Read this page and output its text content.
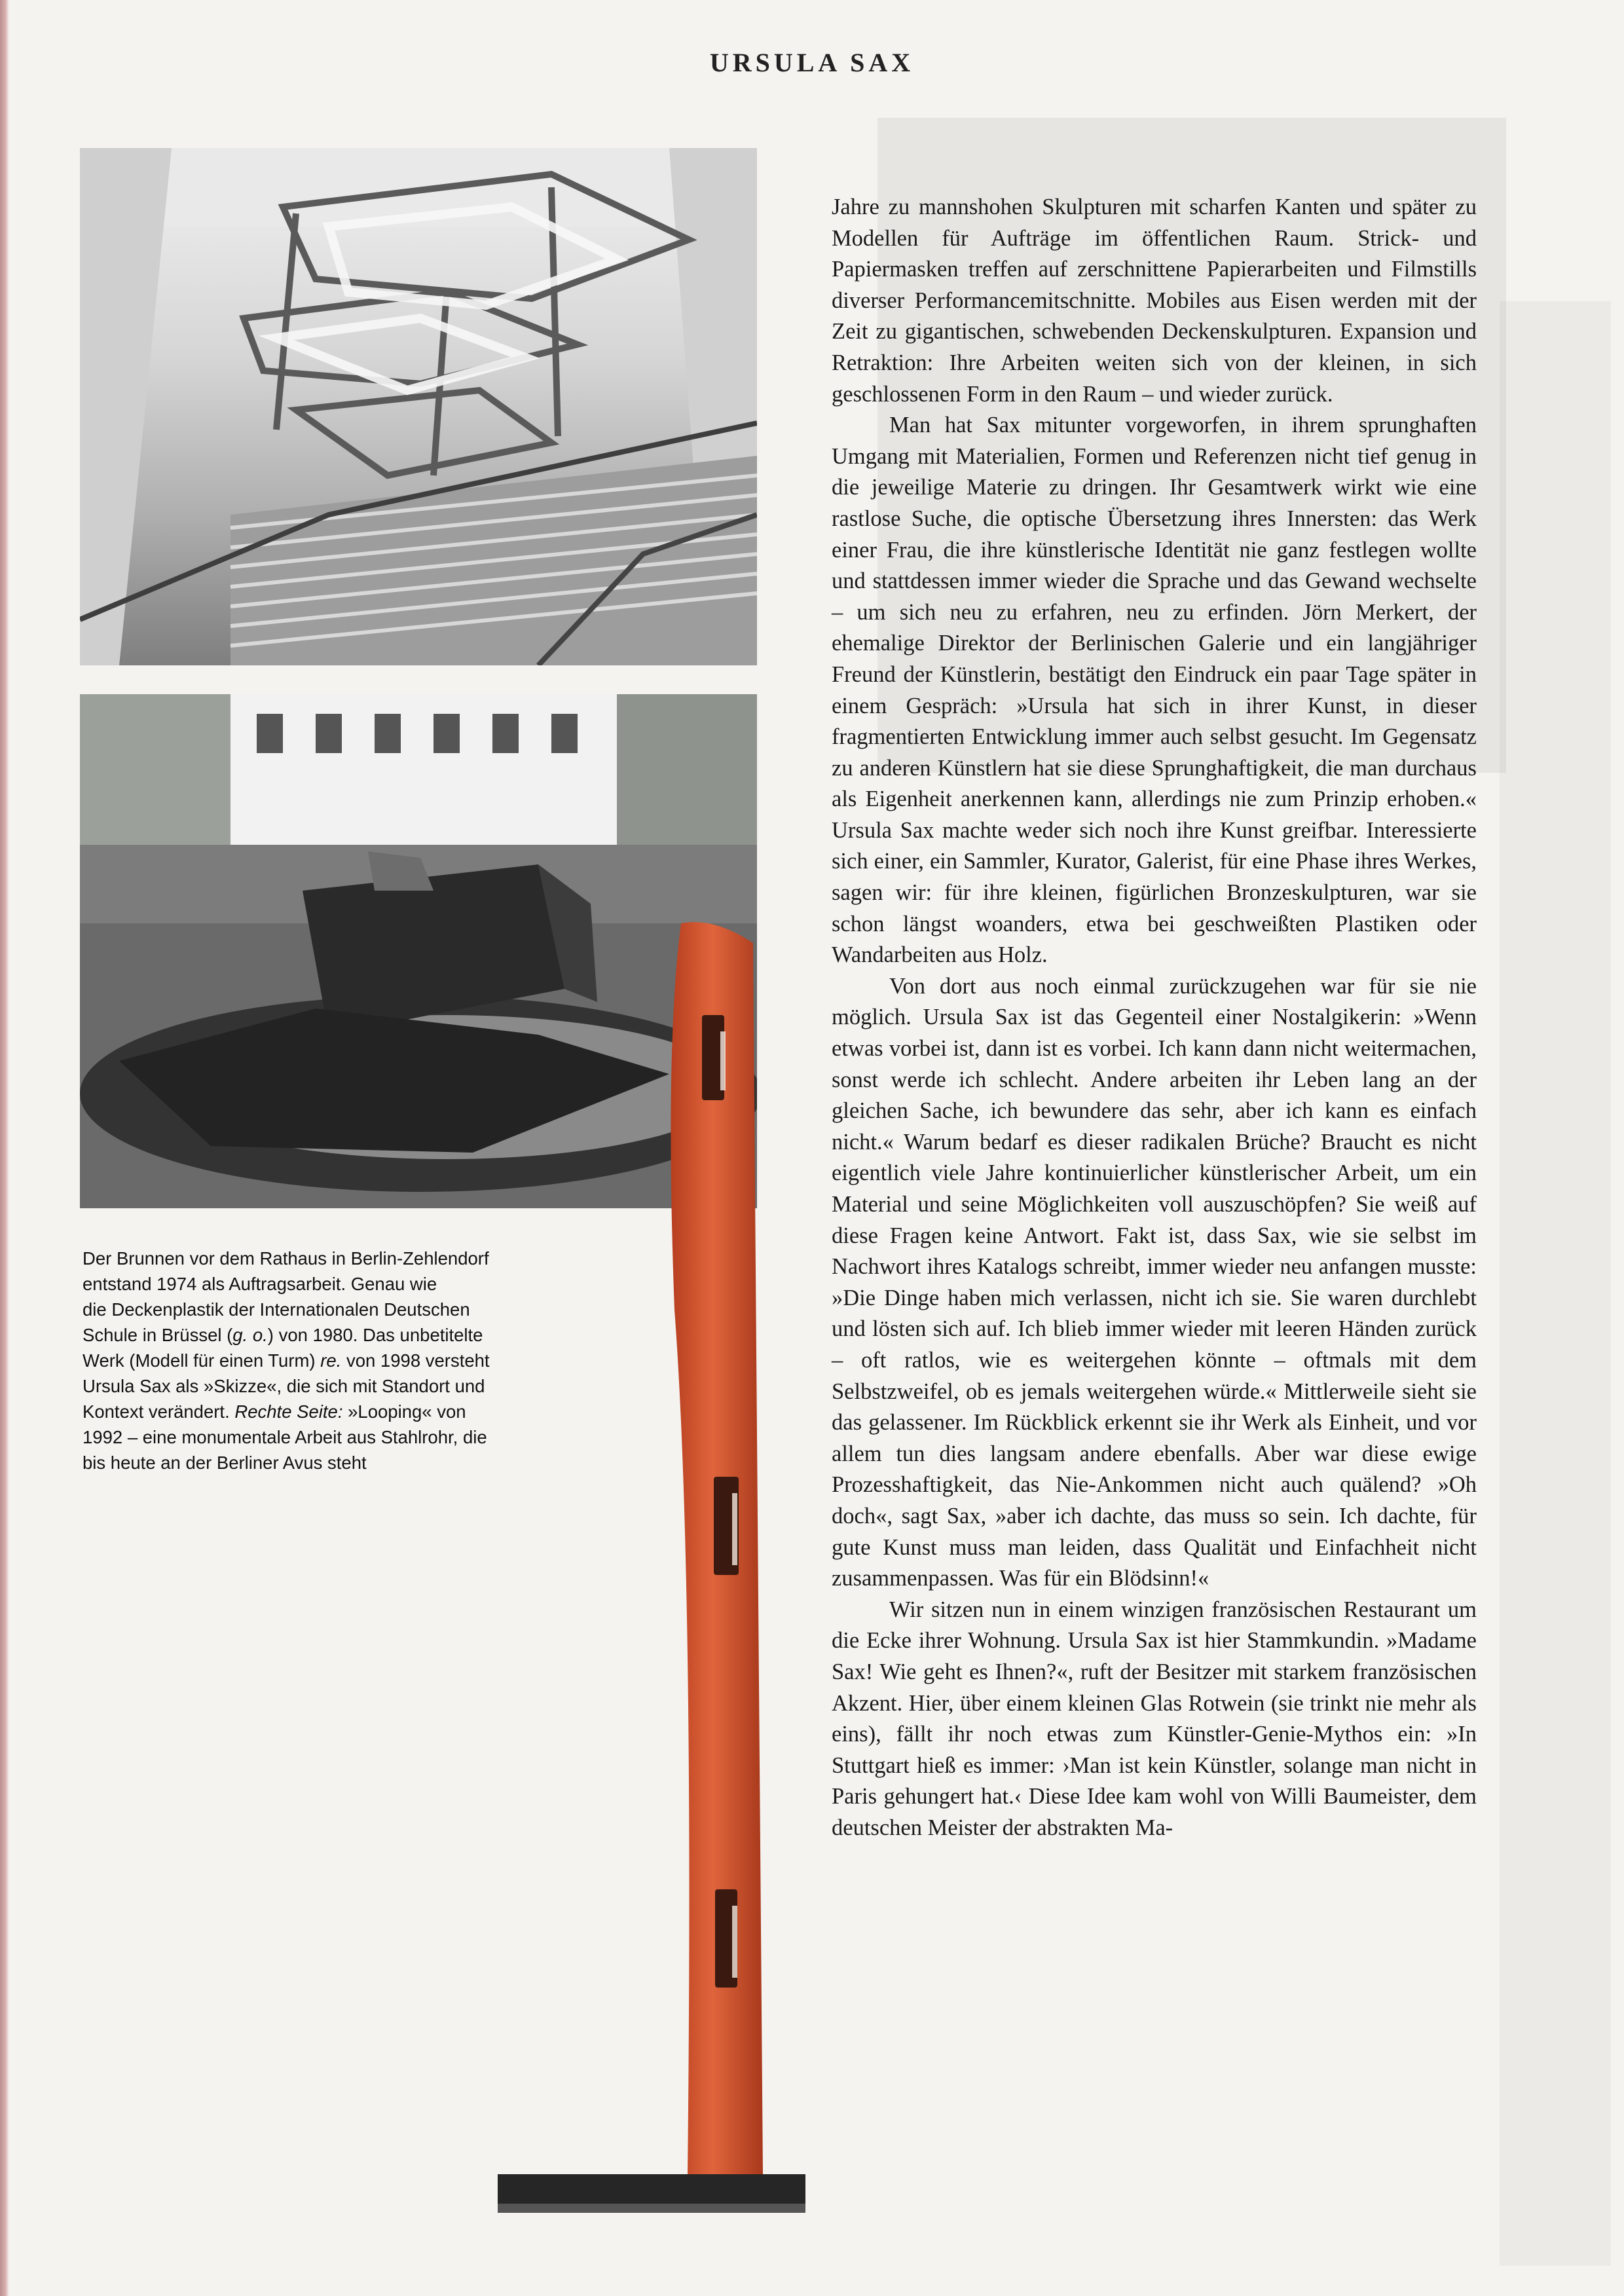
URSULA SAX

Der Brunnen vor dem Rathaus in Berlin-Zehlendorf

entstand 1974 als Auftragsarbeit. Genau wie

die Deckenplastik der Internationalen Deutschen

Schule in Brüssel (g. o.) von 1980. Das unbetitelte

Werk (Modell für einen Turm) re. von 1998 versteht

Ursula Sax als »Skizze«, die sich mit Standort und

Kontext verändert. Rechte Seite: »Looping« von

1992 – eine monumentale Arbeit aus Stahlrohr, die

bis heute an der Berliner Avus steht

Jahre zu mannshohen Skulpturen mit scharfen Kanten und später zu Modellen für Aufträge im öffentlichen Raum. Strick- und Papiermasken treffen auf zerschnittene Papierarbeiten und Filmstills diverser Performancemitschnitte. Mobiles aus Eisen werden mit der Zeit zu gigantischen, schwebenden Deckenskulpturen. Expansion und Retraktion: Ihre Arbeiten weiten sich von der kleinen, in sich geschlossenen Form in den Raum – und wieder zurück.

Man hat Sax mitunter vorgeworfen, in ihrem sprunghaften Umgang mit Materialien, Formen und Referenzen nicht tief genug in die jeweilige Materie zu dringen. Ihr Gesamtwerk wirkt wie eine rastlose Suche, die optische Übersetzung ihres Innersten: das Werk einer Frau, die ihre künstlerische Identität nie ganz festlegen wollte und stattdessen immer wieder die Sprache und das Gewand wechselte – um sich neu zu erfahren, neu zu erfinden. Jörn Merkert, der ehemalige Direktor der Berlinischen Galerie und ein langjähriger Freund der Künstlerin, bestätigt den Eindruck ein paar Tage später in einem Gespräch: »Ursula hat sich in ihrer Kunst, in dieser fragmentierten Entwicklung immer auch selbst gesucht. Im Gegensatz zu anderen Künstlern hat sie diese Sprunghaftigkeit, die man durchaus als Eigenheit anerkennen kann, allerdings nie zum Prinzip erhoben.« Ursula Sax machte weder sich noch ihre Kunst greifbar. Interessierte sich einer, ein Sammler, Kurator, Galerist, für eine Phase ihres Werkes, sagen wir: für ihre kleinen, figürlichen Bronzeskulpturen, war sie schon längst woanders, etwa bei geschweißten Plastiken oder Wandarbeiten aus Holz.

Von dort aus noch einmal zurückzugehen war für sie nie möglich. Ursula Sax ist das Gegenteil einer Nostalgikerin: »Wenn etwas vorbei ist, dann ist es vorbei. Ich kann dann nicht weitermachen, sonst werde ich schlecht. Andere arbeiten ihr Leben lang an der gleichen Sache, ich bewundere das sehr, aber ich kann es einfach nicht.« Warum bedarf es dieser radikalen Brüche? Braucht es nicht eigentlich viele Jahre kontinuierlicher künstlerischer Arbeit, um ein Material und seine Möglichkeiten voll auszuschöpfen? Sie weiß auf diese Fragen keine Antwort. Fakt ist, dass Sax, wie sie selbst im Nachwort ihres Katalogs schreibt, immer wieder neu anfangen musste: »Die Dinge haben mich verlassen, nicht ich sie. Sie waren durchlebt und lösten sich auf. Ich blieb immer wieder mit leeren Händen zurück – oft ratlos, wie es weitergehen könnte – oftmals mit dem Selbstzweifel, ob es jemals weitergehen würde.« Mittlerweile sieht sie das gelassener. Im Rückblick erkennt sie ihr Werk als Einheit, und vor allem tun dies langsam andere ebenfalls. Aber war diese ewige Prozesshaftigkeit, das Nie-Ankommen nicht auch quälend? »Oh doch«, sagt Sax, »aber ich dachte, das muss so sein. Ich dachte, für gute Kunst muss man leiden, dass Qualität und Einfachheit nicht zusammenpassen. Was für ein Blödsinn!«

Wir sitzen nun in einem winzigen französischen Restaurant um die Ecke ihrer Wohnung. Ursula Sax ist hier Stammkundin. »Madame Sax! Wie geht es Ihnen?«, ruft der Besitzer mit starkem französischen Akzent. Hier, über einem kleinen Glas Rotwein (sie trinkt nie mehr als eins), fällt ihr noch etwas zum Künstler-Genie-Mythos ein: »In Stuttgart hieß es immer: ›Man ist kein Künstler, solange man nicht in Paris gehungert hat.‹ Diese Idee kam wohl von Willi Baumeister, dem deutschen Meister der abstrakten Ma-
